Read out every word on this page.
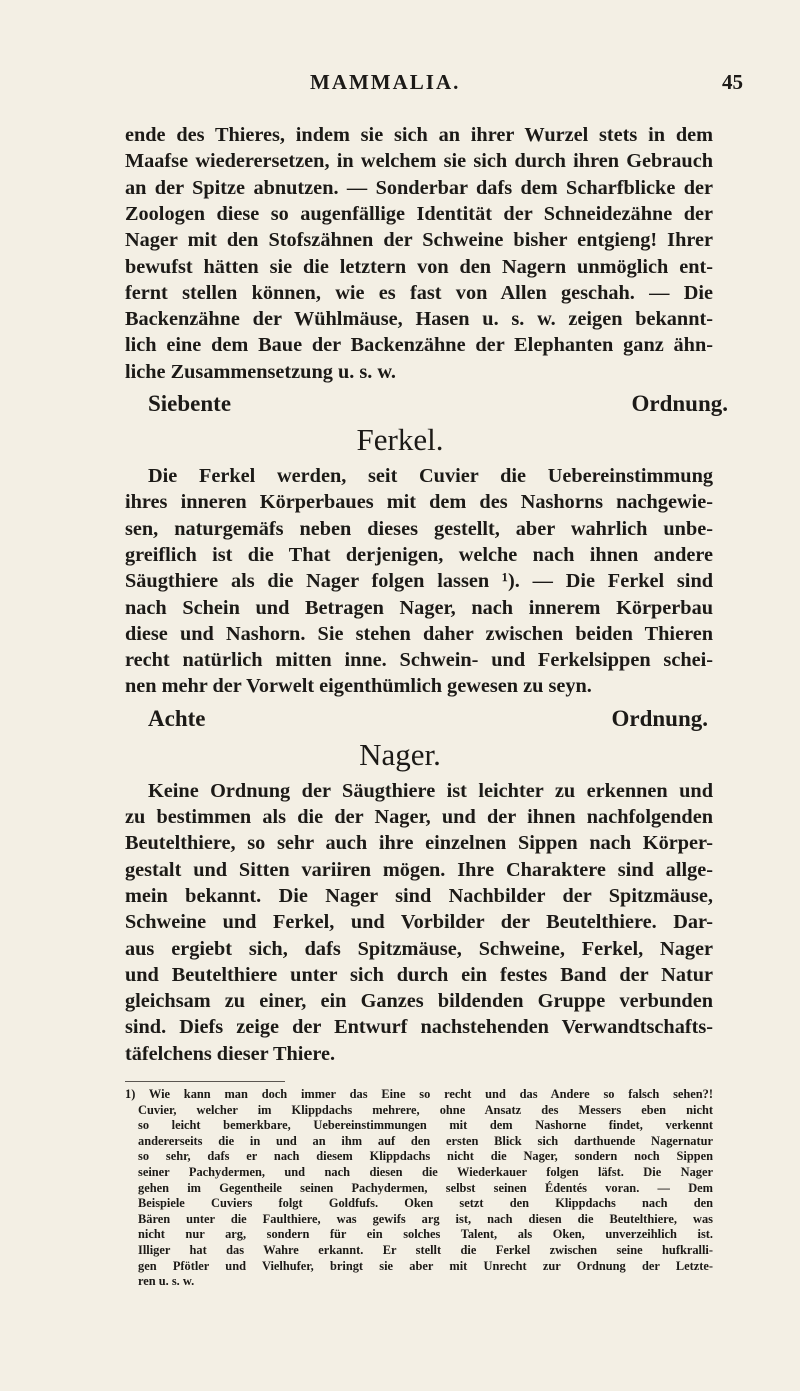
MAMMALIA.	45
ende des Thieres, indem sie sich an ihrer Wurzel stets in dem
Maafse wiederersetzen, in welchem sie sich durch ihren Gebrauch
an der Spitze abnutzen. — Sonderbar dafs dem Scharfblicke der
Zoologen diese so augenfällige Identität der Schneidezähne der
Nager mit den Stofszähnen der Schweine bisher entgieng! Ihrer
bewufst hätten sie die letztern von den Nagern unmöglich ent-
fernt stellen können, wie es fast von Allen geschah. — Die
Backenzähne der Wühlmäuse, Hasen u. s. w. zeigen bekannt-
lich eine dem Baue der Backenzähne der Elephanten ganz ähn-
liche Zusammensetzung u. s. w.
Siebente Ordnung.
Ferkel.
Die Ferkel werden, seit Cuvier die Uebereinstimmung
ihres inneren Körperbaues mit dem des Nashorns nachgewie-
sen, naturgemäfs neben dieses gestellt, aber wahrlich unbe-
greiflich ist die That derjenigen, welche nach ihnen andere
Säugthiere als die Nager folgen lassen ¹). — Die Ferkel sind
nach Schein und Betragen Nager, nach innerem Körperbau
diese und Nashorn. Sie stehen daher zwischen beiden Thieren
recht natürlich mitten inne. Schwein- und Ferkelsippen schei-
nen mehr der Vorwelt eigenthümlich gewesen zu seyn.
Achte Ordnung.
Nager.
Keine Ordnung der Säugthiere ist leichter zu erkennen und
zu bestimmen als die der Nager, und der ihnen nachfolgenden
Beutelthiere, so sehr auch ihre einzelnen Sippen nach Körper-
gestalt und Sitten variiren mögen. Ihre Charaktere sind allge-
mein bekannt. Die Nager sind Nachbilder der Spitzmäuse,
Schweine und Ferkel, und Vorbilder der Beutelthiere. Dar-
aus ergiebt sich, dafs Spitzmäuse, Schweine, Ferkel, Nager
und Beutelthiere unter sich durch ein festes Band der Natur
gleichsam zu einer, ein Ganzes bildenden Gruppe verbunden
sind. Diefs zeige der Entwurf nachstehenden Verwandtschafts-
täfelchens dieser Thiere.
1) Wie kann man doch immer das Eine so recht und das Andere so falsch sehen?!
Cuvier, welcher im Klippdachs mehrere, ohne Ansatz des Messers eben nicht
so leicht bemerkbare, Uebereinstimmungen mit dem Nashorne findet, verkennt
andererseits die in und an ihm auf den ersten Blick sich darthuende Nagernatur
so sehr, dafs er nach diesem Klippdachs nicht die Nager, sondern noch Sippen
seiner Pachydermen, und nach diesen die Wiederkauer folgen läfst. Die Nager
gehen im Gegentheile seinen Pachydermen, selbst seinen Édentés voran. — Dem
Beispiele Cuviers folgt Goldfufs. Oken setzt den Klippdachs nach den
Bären unter die Faulthiere, was gewifs arg ist, nach diesen die Beutelthiere, was
nicht nur arg, sondern für ein solches Talent, als Oken, unverzeihlich ist.
Illiger hat das Wahre erkannt. Er stellt die Ferkel zwischen seine hufkralli-
gen Pfötler und Vielhufer, bringt sie aber mit Unrecht zur Ordnung der Letzte-
ren u. s. w.
